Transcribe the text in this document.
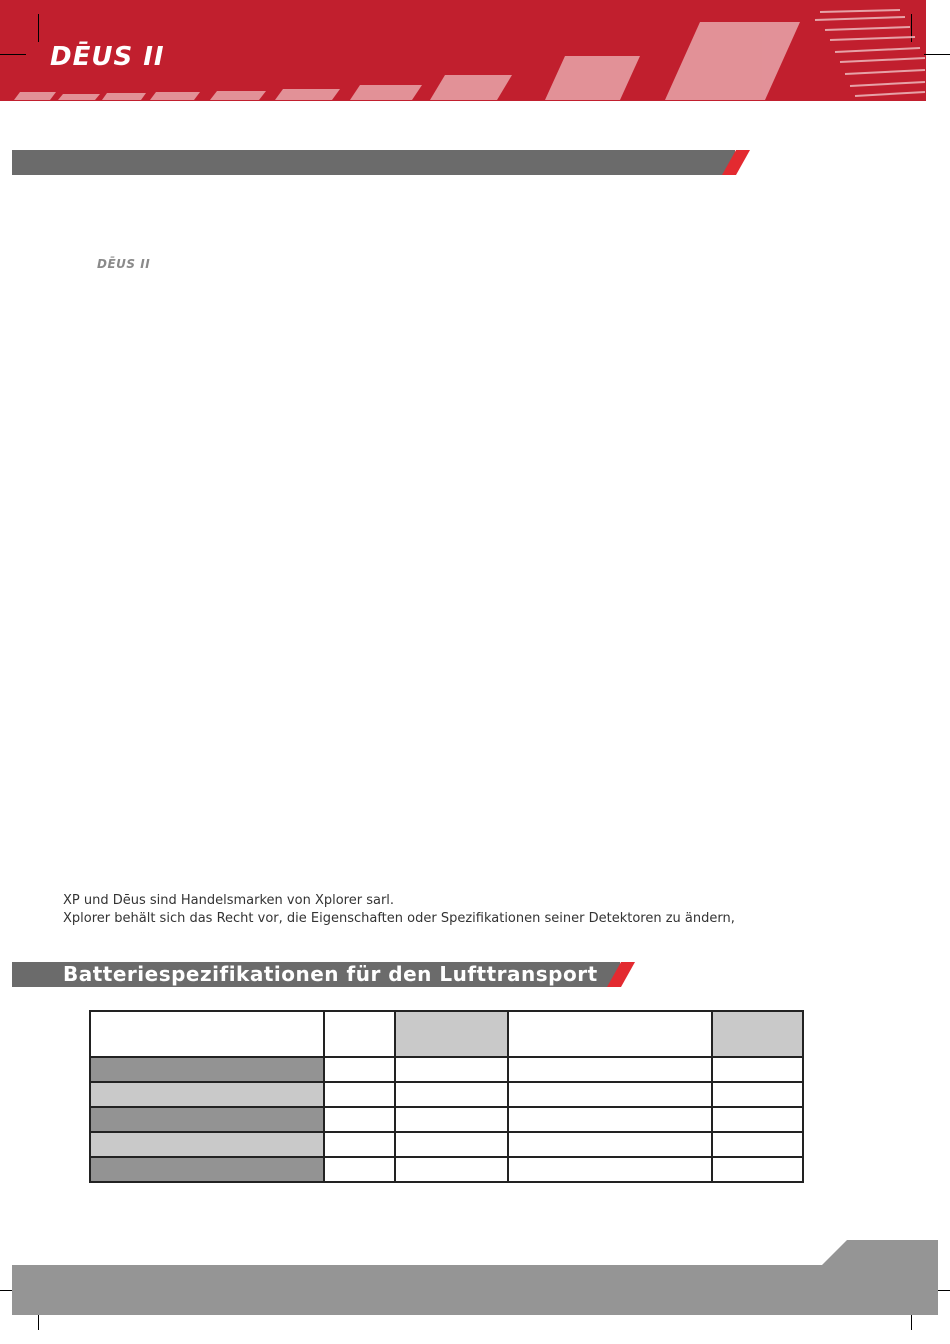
DĒUS II
DĒUS II
XP und Dēus sind Handelsmarken von Xplorer sarl.
Xplorer behält sich das Recht vor, die Eigenschaften oder Spezifikationen seiner Detektoren zu ändern,
Batteriespezifikationen für den Lufttransport
